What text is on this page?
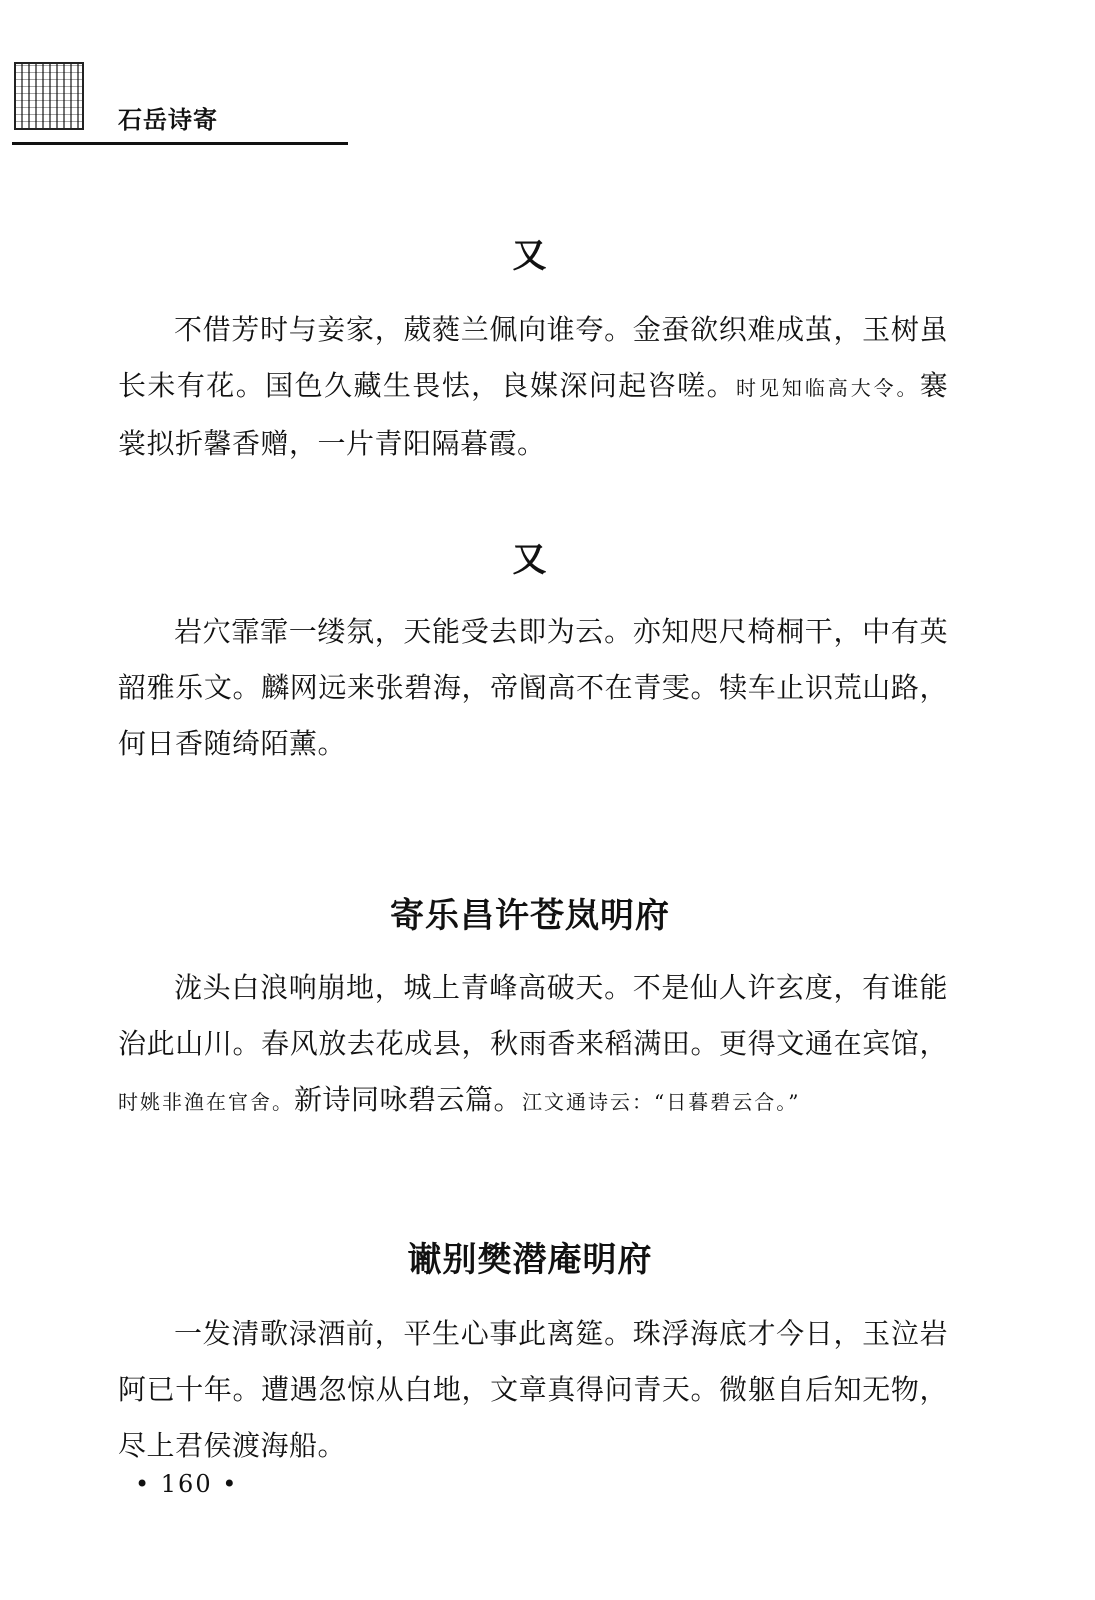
石岳诗寄
又
不借芳时与妾家，葳蕤兰佩向谁夸。金蚕欲织难成茧，玉树虽长未有花。国色久藏生畏怯，良媒深问起咨嗟。时见知临高大令。褰裳拟折馨香赠，一片青阳隔暮霞。
又
岩穴霏霏一缕氛，天能受去即为云。亦知咫尺椅桐干，中有英韶雅乐文。麟网远来张碧海，帝阍高不在青雯。犊车止识荒山路，何日香随绮陌薰。
寄乐昌许苍岚明府
泷头白浪响崩地，城上青峰高破天。不是仙人许玄度，有谁能治此山川。春风放去花成县，秋雨香来稻满田。更得文通在宾馆，时姚非渔在官舍。新诗同咏碧云篇。江文通诗云：“日暮碧云合。”
谳别樊潜庵明府
一发清歌渌酒前，平生心事此离筵。珠浮海底才今日，玉泣岩阿已十年。遭遇忽惊从白地，文章真得问青天。微躯自后知无物，尽上君侯渡海船。
• 160 •
